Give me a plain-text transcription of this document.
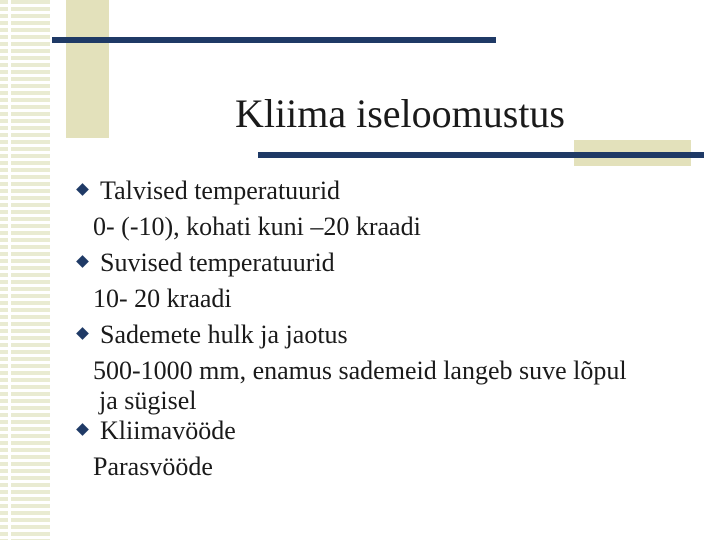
Kliima iseloomustus
Talvised temperatuurid
0- (-10), kohati kuni –20 kraadi
Suvised temperatuurid
10- 20 kraadi
Sademete hulk ja jaotus
500-1000 mm, enamus sademeid langeb suve lõpul
ja sügisel
Kliimavööde
Parasvööde
